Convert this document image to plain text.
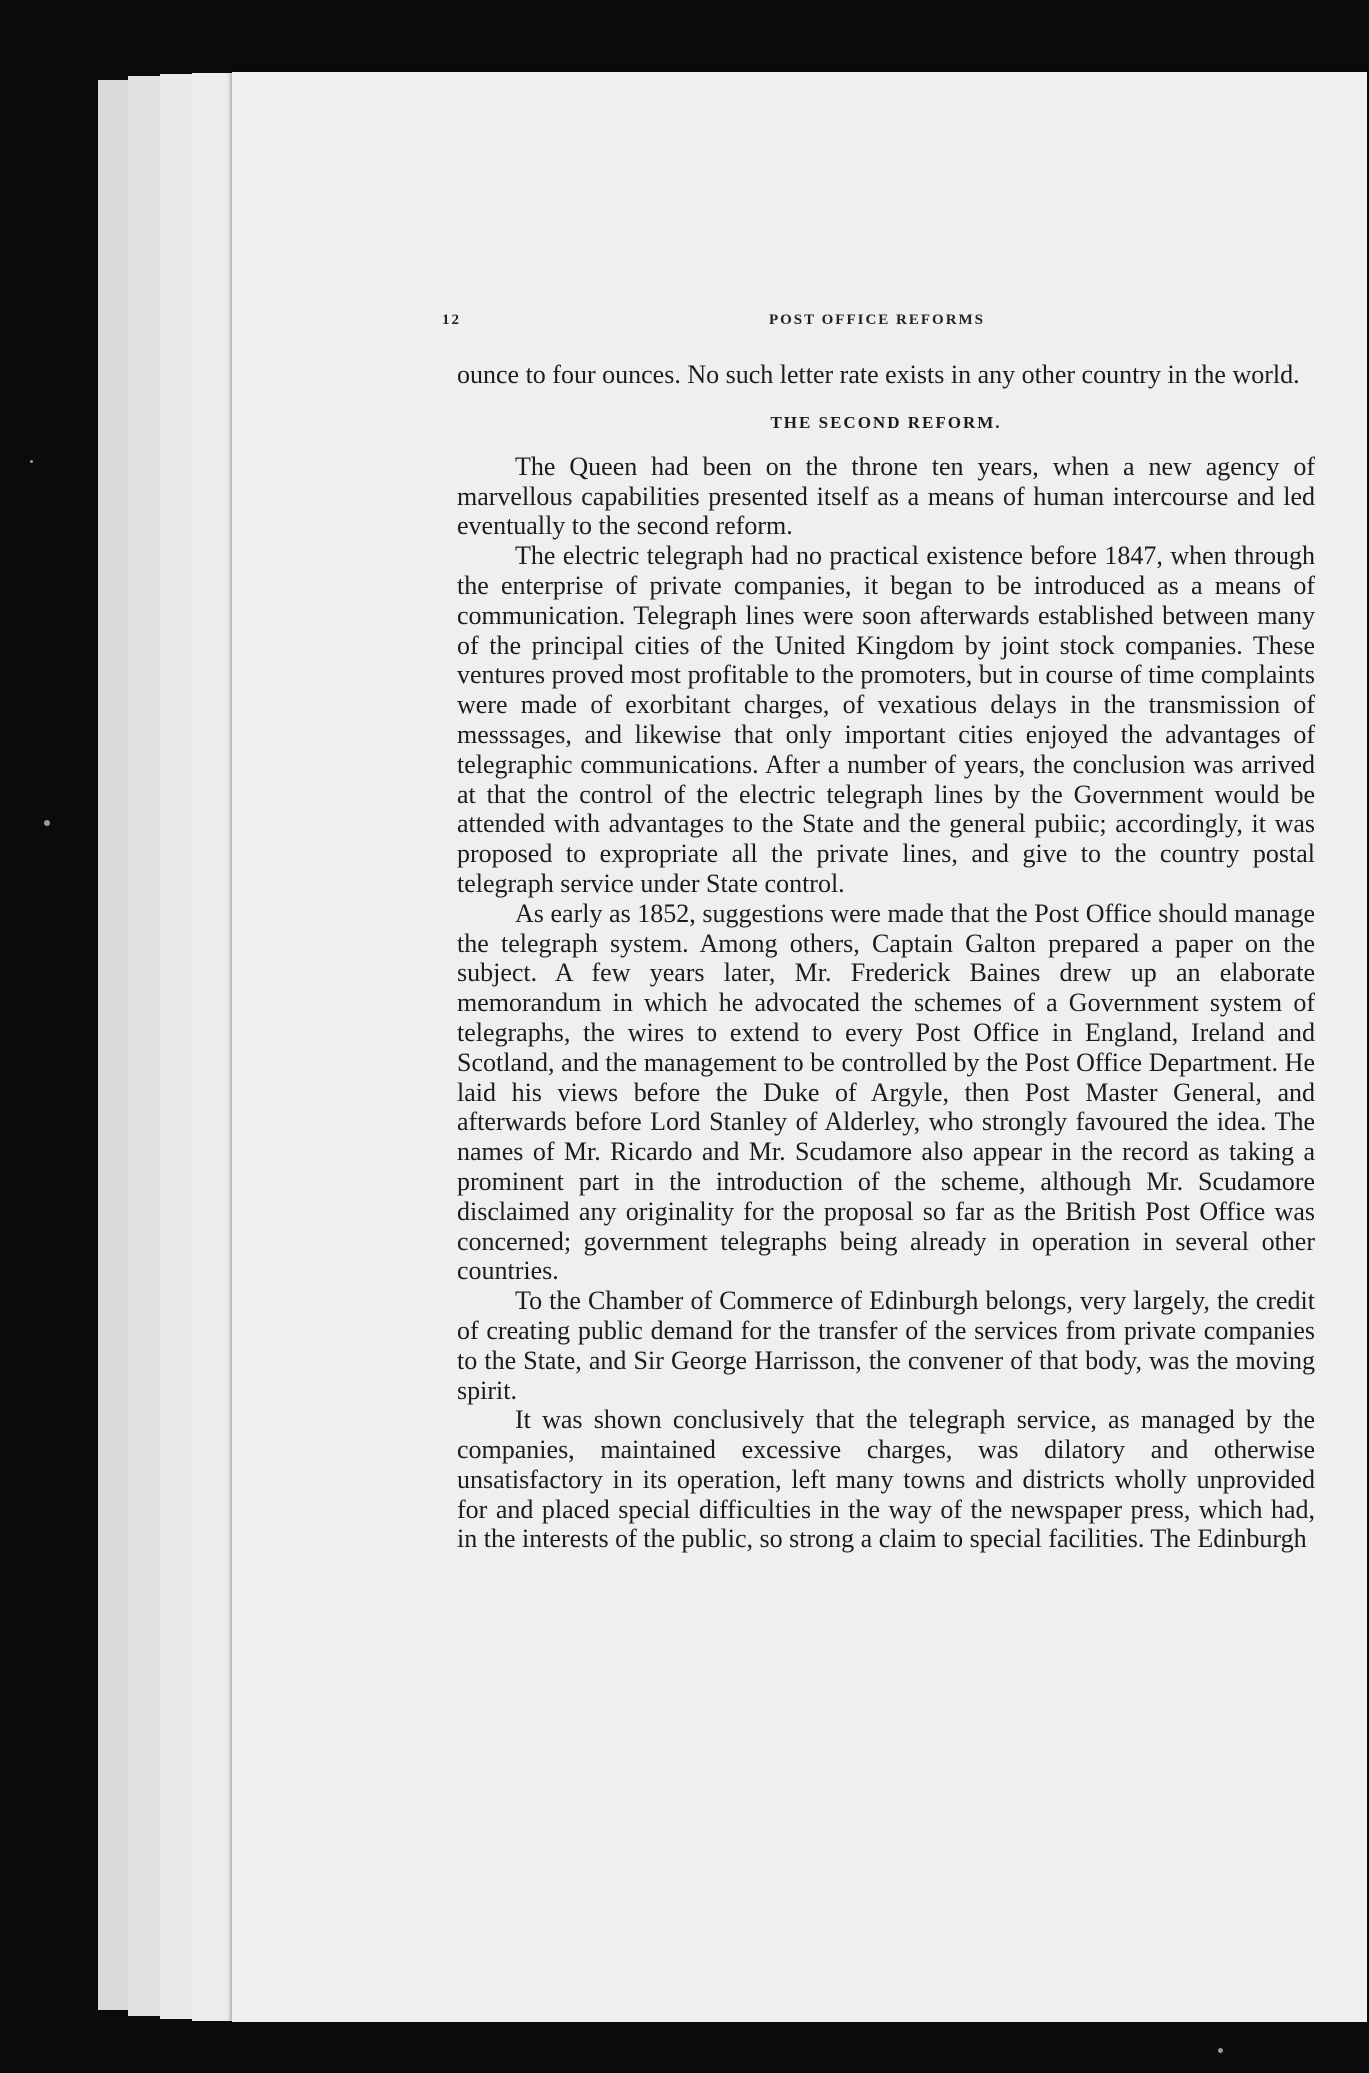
12	POST OFFICE REFORMS

ounce to four ounces. No such letter rate exists in any other country in the world.

THE SECOND REFORM.

The Queen had been on the throne ten years, when a new agency of marvellous capabilities presented itself as a means of human intercourse and led eventually to the second reform.

The electric telegraph had no practical existence before 1847, when through the enterprise of private companies, it began to be introduced as a means of communication. Telegraph lines were soon afterwards established between many of the principal cities of the United Kingdom by joint stock companies. These ventures proved most profitable to the promoters, but in course of time complaints were made of exorbitant charges, of vexatious delays in the transmission of messsages, and likewise that only important cities enjoyed the advantages of telegraphic communications. After a number of years, the conclusion was arrived at that the control of the electric telegraph lines by the Government would be attended with advantages to the State and the general pubiic; accordingly, it was proposed to expropriate all the private lines, and give to the country postal telegraph service under State control.

As early as 1852, suggestions were made that the Post Office should manage the telegraph system. Among others, Captain Galton prepared a paper on the subject. A few years later, Mr. Frederick Baines drew up an elaborate memorandum in which he advocated the schemes of a Government system of telegraphs, the wires to extend to every Post Office in England, Ireland and Scotland, and the management to be controlled by the Post Office Department. He laid his views before the Duke of Argyle, then Post Master General, and afterwards before Lord Stanley of Alderley, who strongly favoured the idea. The names of Mr. Ricardo and Mr. Scudamore also appear in the record as taking a prominent part in the introduction of the scheme, although Mr. Scudamore disclaimed any originality for the proposal so far as the British Post Office was concerned; government telegraphs being already in operation in several other countries.

To the Chamber of Commerce of Edinburgh belongs, very largely, the credit of creating public demand for the transfer of the services from private companies to the State, and Sir George Harrisson, the convener of that body, was the moving spirit.

It was shown conclusively that the telegraph service, as managed by the companies, maintained excessive charges, was dilatory and otherwise unsatisfactory in its operation, left many towns and districts wholly unprovided for and placed special difficulties in the way of the newspaper press, which had, in the interests of the public, so strong a claim to special facilities. The Edinburgh
